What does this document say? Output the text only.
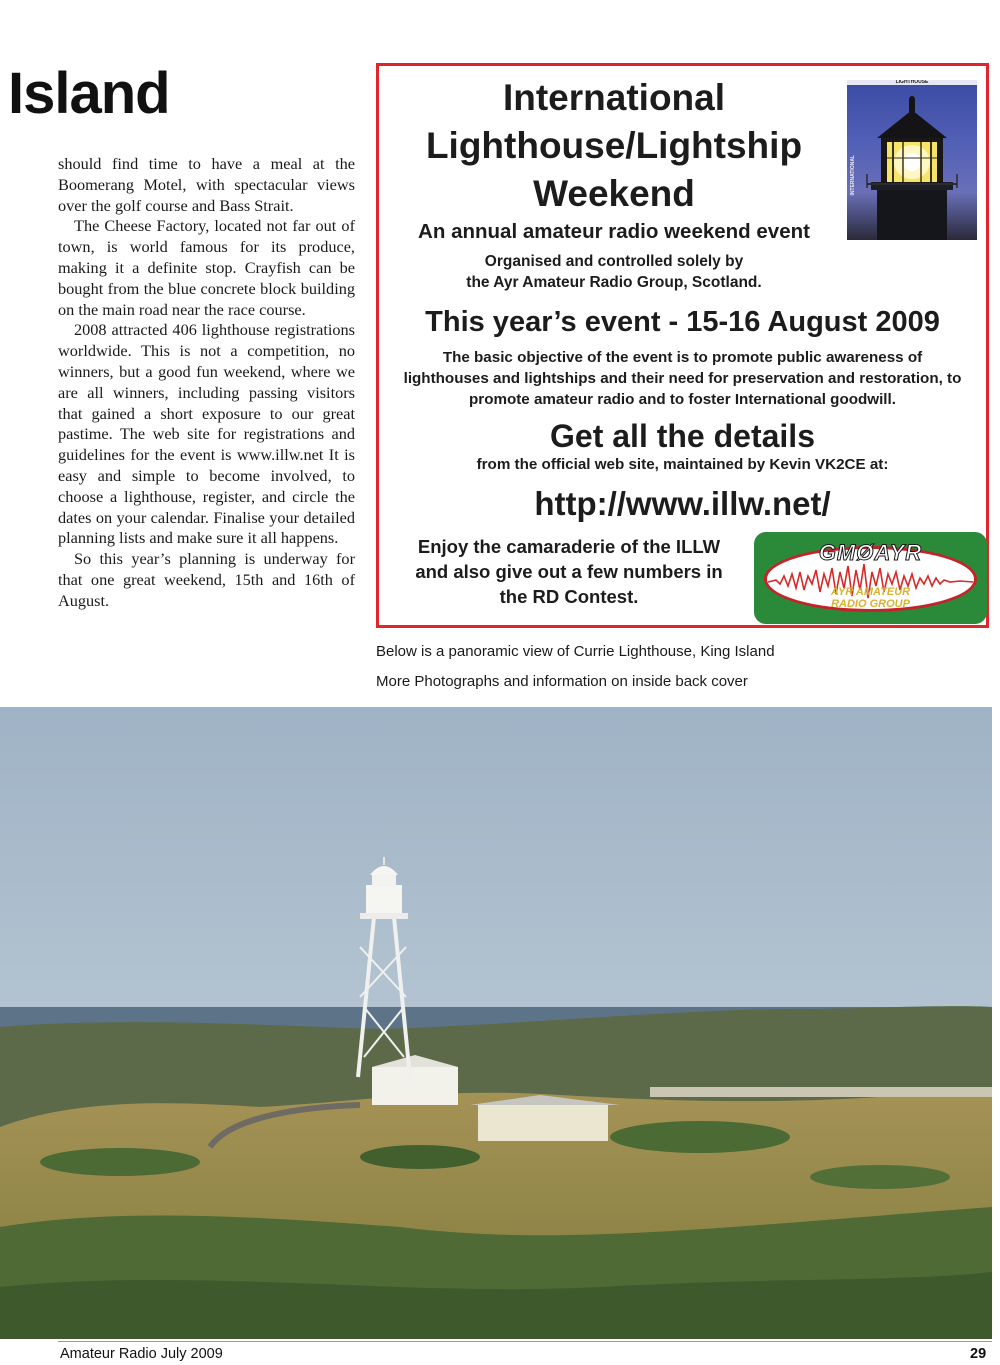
Island

should find time to have a meal at the Boomerang Motel, with spectacular views over the golf course and Bass Strait.

The Cheese Factory, located not far out of town, is world famous for its produce, making it a definite stop. Crayfish can be bought from the blue concrete block building on the main road near the race course.

2008 attracted 406 lighthouse registrations worldwide. This is not a competition, no winners, but a good fun weekend, where we are all winners, including passing visitors that gained a short exposure to our great pastime. The web site for registrations and guidelines for the event is www.illw.net It is easy and simple to become involved, to choose a lighthouse, register, and circle the dates on your calendar. Finalise your detailed planning lists and make sure it all happens.

So this year’s planning is underway for that one great weekend, 15th and 16th of August.

International
Lighthouse/Lightship
Weekend
An annual amateur radio weekend event
Organised and controlled solely by
the Ayr Amateur Radio Group, Scotland.
LIGHTHOUSE
INTERNATIONAL
This year’s event - 15-16 August 2009
The basic objective of the event is to promote public awareness of
lighthouses and lightships and their need for preservation and restoration, to
promote amateur radio and to foster International goodwill.
Get all the details
from the official web site, maintained by Kevin VK2CE at:
http://www.illw.net/
Enjoy the camaraderie of the ILLW
and also give out a few numbers in
the RD Contest.
GMØAYR
AYR AMATEUR
RADIO GROUP
Below is a panoramic view of Currie Lighthouse, King Island
More Photographs and information on inside back cover
Amateur Radio July 2009	29
